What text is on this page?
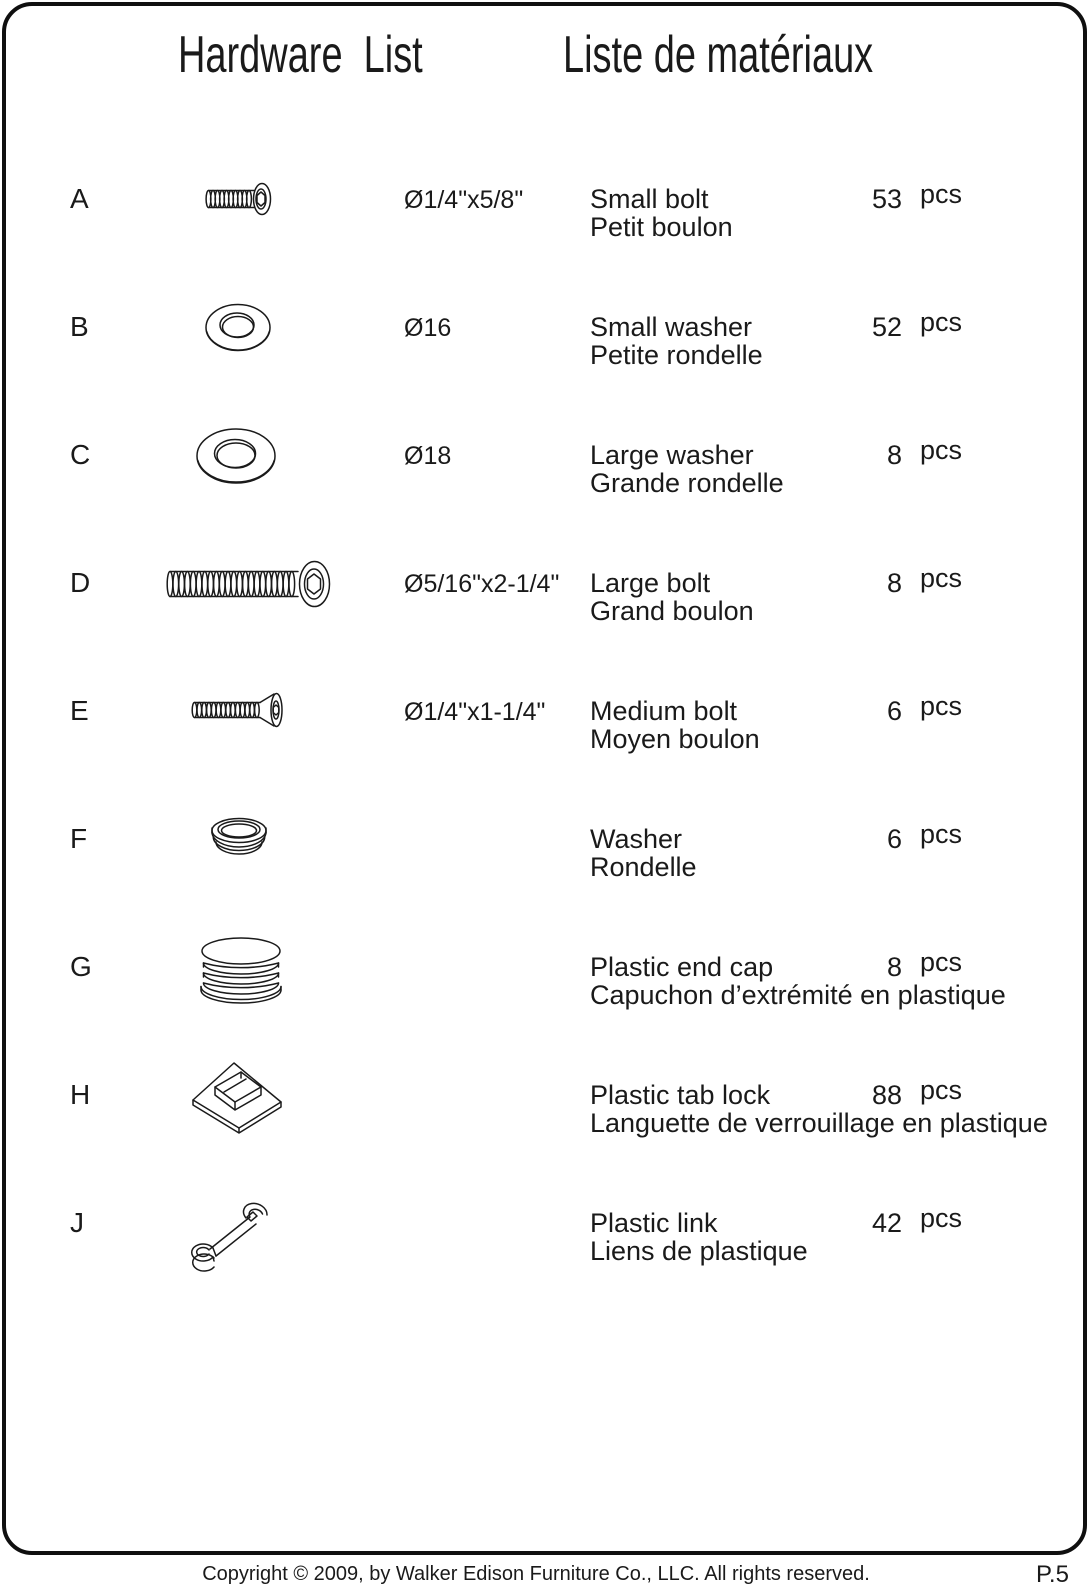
Hardware  List	Liste de matériaux
A	Ø1/4"x5/8" Small bolt
Petit boulon
53 pcs
B	Ø16	Small washer
Petite rondelle
52 pcs
C	Ø18	Large washer
Grande rondelle
8 pcs
D	Ø5/16"x2-1/4" Large bolt
Grand boulon
8 pcs
E	Ø1/4"x1-1/4" Medium bolt
Moyen boulon
6 pcs
F	Washer
Rondelle
6 pcs
G	Plastic end cap
Capuchon d’extrémité en plastique
8 pcs
H	Plastic tab lock
Languette de verrouillage en plastique
88 pcs
J	Plastic link
Liens de plastique
42 pcs
Copyright © 2009, by Walker Edison Furniture Co., LLC. All rights reserved.	P.5
